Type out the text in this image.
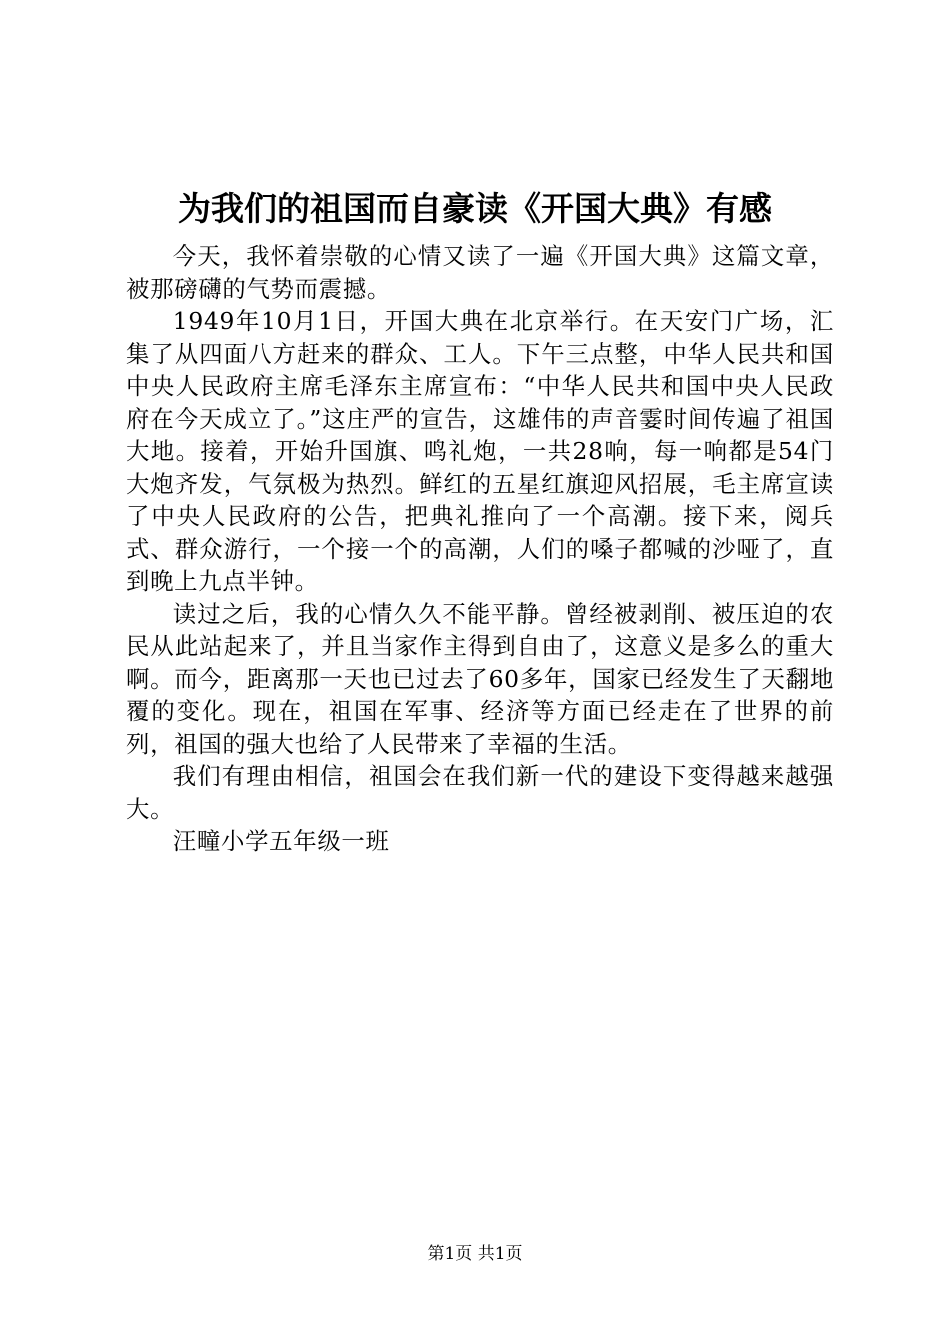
为我们的祖国而自豪读《开国大典》有感

今天，我怀着崇敬的心情又读了一遍《开国大典》这篇文章，被那磅礴的气势而震撼。

1949年10月1日，开国大典在北京举行。在天安门广场，汇集了从四面八方赶来的群众、工人。下午三点整，中华人民共和国中央人民政府主席毛泽东主席宣布：“中华人民共和国中央人民政府在今天成立了。”这庄严的宣告，这雄伟的声音霎时间传遍了祖国大地。接着，开始升国旗、鸣礼炮，一共28响，每一响都是54门大炮齐发，气氛极为热烈。鲜红的五星红旗迎风招展，毛主席宣读了中央人民政府的公告，把典礼推向了一个高潮。接下来，阅兵式、群众游行，一个接一个的高潮，人们的嗓子都喊的沙哑了，直到晚上九点半钟。

读过之后，我的心情久久不能平静。曾经被剥削、被压迫的农民从此站起来了，并且当家作主得到自由了，这意义是多么的重大啊。而今，距离那一天也已过去了60多年，国家已经发生了天翻地覆的变化。现在，祖国在军事、经济等方面已经走在了世界的前列，祖国的强大也给了人民带来了幸福的生活。

我们有理由相信，祖国会在我们新一代的建设下变得越来越强大。

汪疃小学五年级一班

第1页 共1页
